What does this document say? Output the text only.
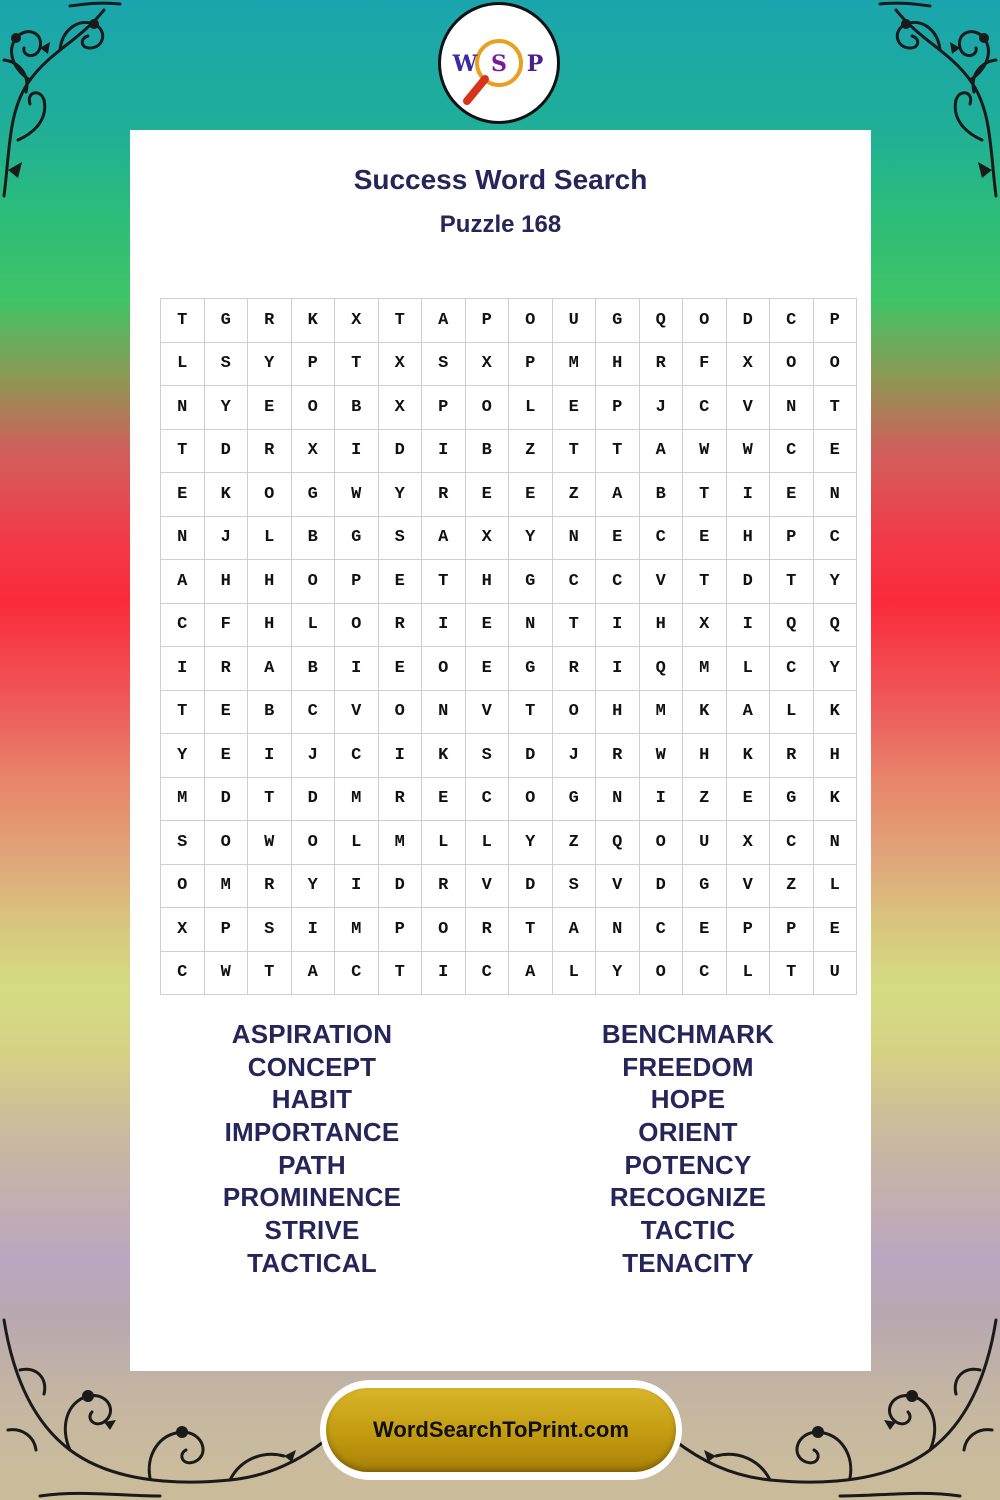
W S P
Success Word Search
Puzzle 168
T	G	R	K	X	T	A	P	O	U	G	Q	O	D	C	P
L	S	Y	P	T	X	S	X	P	M	H	R	F	X	O	O
N	Y	E	O	B	X	P	O	L	E	P	J	C	V	N	T
T	D	R	X	I	D	I	B	Z	T	T	A	W	W	C	E
E	K	O	G	W	Y	R	E	E	Z	A	B	T	I	E	N
N	J	L	B	G	S	A	X	Y	N	E	C	E	H	P	C
A	H	H	O	P	E	T	H	G	C	C	V	T	D	T	Y
C	F	H	L	O	R	I	E	N	T	I	H	X	I	Q	Q
I	R	A	B	I	E	O	E	G	R	I	Q	M	L	C	Y
T	E	B	C	V	O	N	V	T	O	H	M	K	A	L	K
Y	E	I	J	C	I	K	S	D	J	R	W	H	K	R	H
M	D	T	D	M	R	E	C	O	G	N	I	Z	E	G	K
S	O	W	O	L	M	L	L	Y	Z	Q	O	U	X	C	N
O	M	R	Y	I	D	R	V	D	S	V	D	G	V	Z	L
X	P	S	I	M	P	O	R	T	A	N	C	E	P	P	E
C	W	T	A	C	T	I	C	A	L	Y	O	C	L	T	U
ASPIRATION
CONCEPT
HABIT
IMPORTANCE
PATH
PROMINENCE
STRIVE
TACTICAL
BENCHMARK
FREEDOM
HOPE
ORIENT
POTENCY
RECOGNIZE
TACTIC
TENACITY
WordSearchToPrint.com
